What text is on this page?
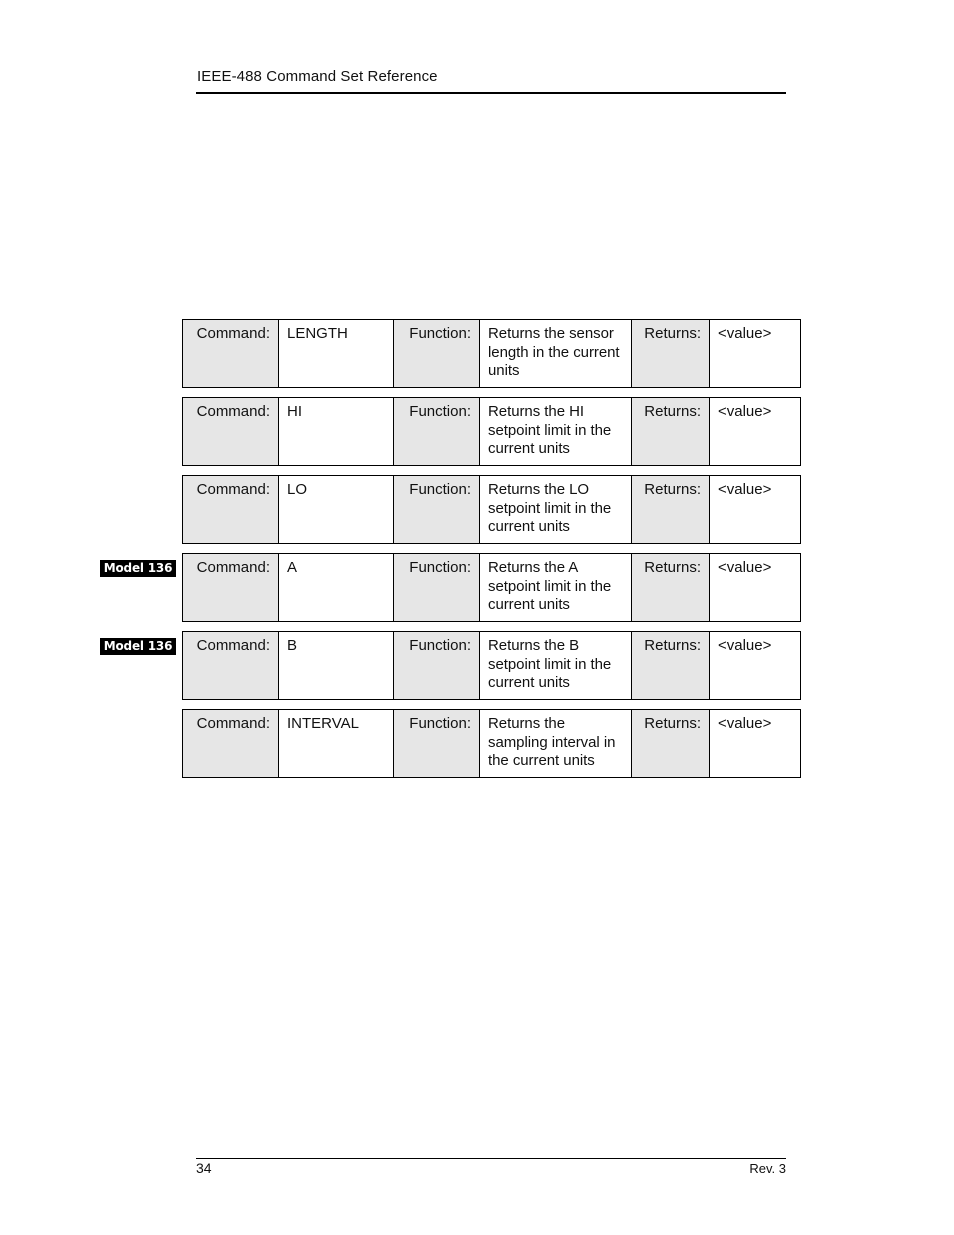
IEEE-488 Command Set Reference
Command:	LENGTH	Function:	Returns the sensor length in the current units	Returns:	<value>
Command:	HI	Function:	Returns the HI setpoint limit in the current units	Returns:	<value>
Command:	LO	Function:	Returns the LO setpoint limit in the current units	Returns:	<value>
Model 136 Command:	A	Function:	Returns the A setpoint limit in the current units	Returns:	<value>
Model 136 Command:	B	Function:	Returns the B setpoint limit in the current units	Returns:	<value>
Command:	INTERVAL	Function:	Returns the sampling interval in the current units	Returns:	<value>
34	Rev. 3
